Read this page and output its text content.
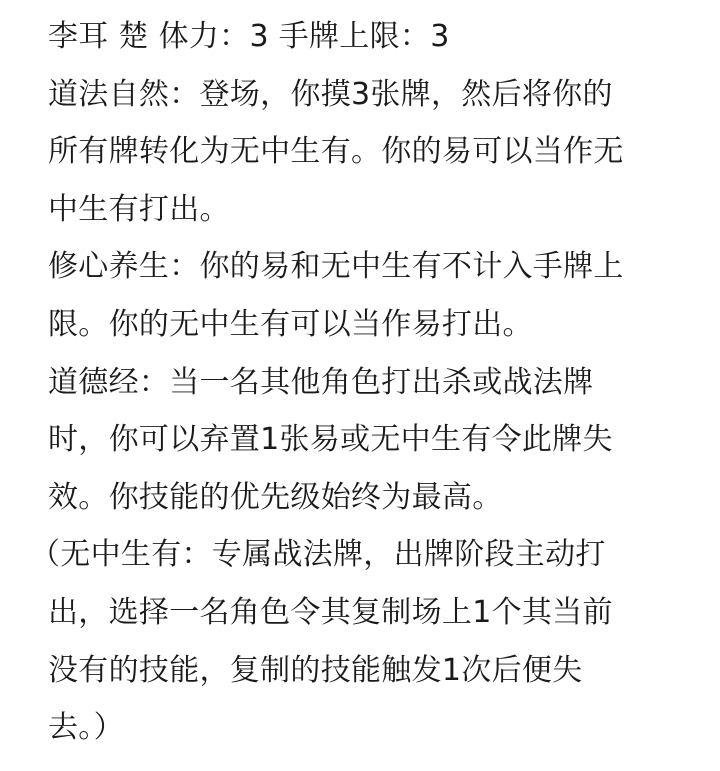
李耳 楚 体力：3 手牌上限：3
道法自然：登场，你摸3张牌，然后将你的
所有牌转化为无中生有。你的易可以当作无
中生有打出。
修心养生：你的易和无中生有不计入手牌上
限。你的无中生有可以当作易打出。
道德经：当一名其他角色打出杀或战法牌
时，你可以弃置1张易或无中生有令此牌失
效。你技能的优先级始终为最高。
（无中生有：专属战法牌，出牌阶段主动打
出，选择一名角色令其复制场上1个其当前
没有的技能，复制的技能触发1次后便失
去。）
